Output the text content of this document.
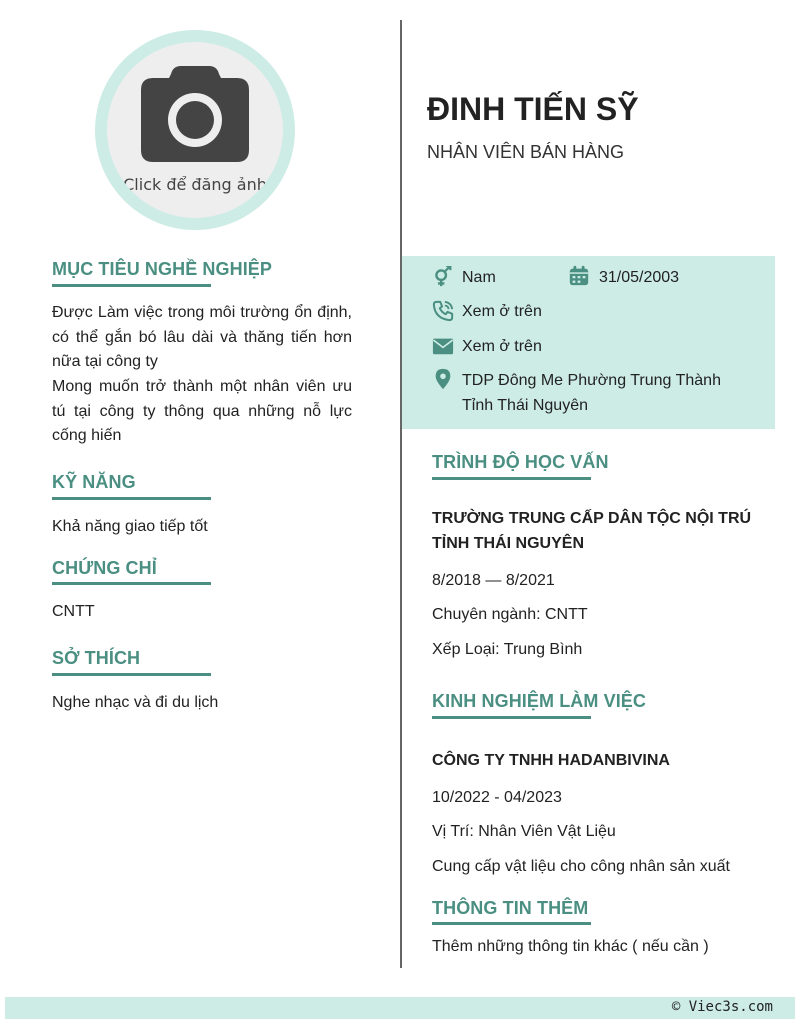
Click để đăng ảnh
MỤC TIÊU NGHỀ NGHIỆP
Được Làm việc trong môi trường ổn định, có thể gắn bó lâu dài và thăng tiến hơn nữa tại công ty
Mong muốn trở thành một nhân viên ưu tú tại công ty thông qua những nỗ lực cống hiến
KỸ NĂNG
Khả năng giao tiếp tốt
CHỨNG CHỈ
CNTT
SỞ THÍCH
Nghe nhạc và đi du lịch
ĐINH TIẾN SỸ
NHÂN VIÊN BÁN HÀNG
Nam	31/05/2003
Xem ở trên
Xem ở trên
TDP Đông Me Phường Trung Thành
Tỉnh Thái Nguyên
TRÌNH ĐỘ HỌC VẤN
TRƯỜNG TRUNG CẤP DÂN TỘC NỘI TRÚ
TỈNH THÁI NGUYÊN
8/2018 — 8/2021
Chuyên ngành: CNTT
Xếp Loại: Trung Bình
KINH NGHIỆM LÀM VIỆC
CÔNG TY TNHH HADANBIVINA
10/2022 - 04/2023
Vị Trí: Nhân Viên Vật Liệu
Cung cấp vật liệu cho công nhân sản xuất
THÔNG TIN THÊM
Thêm những thông tin khác ( nếu cần )
© Viec3s.com
